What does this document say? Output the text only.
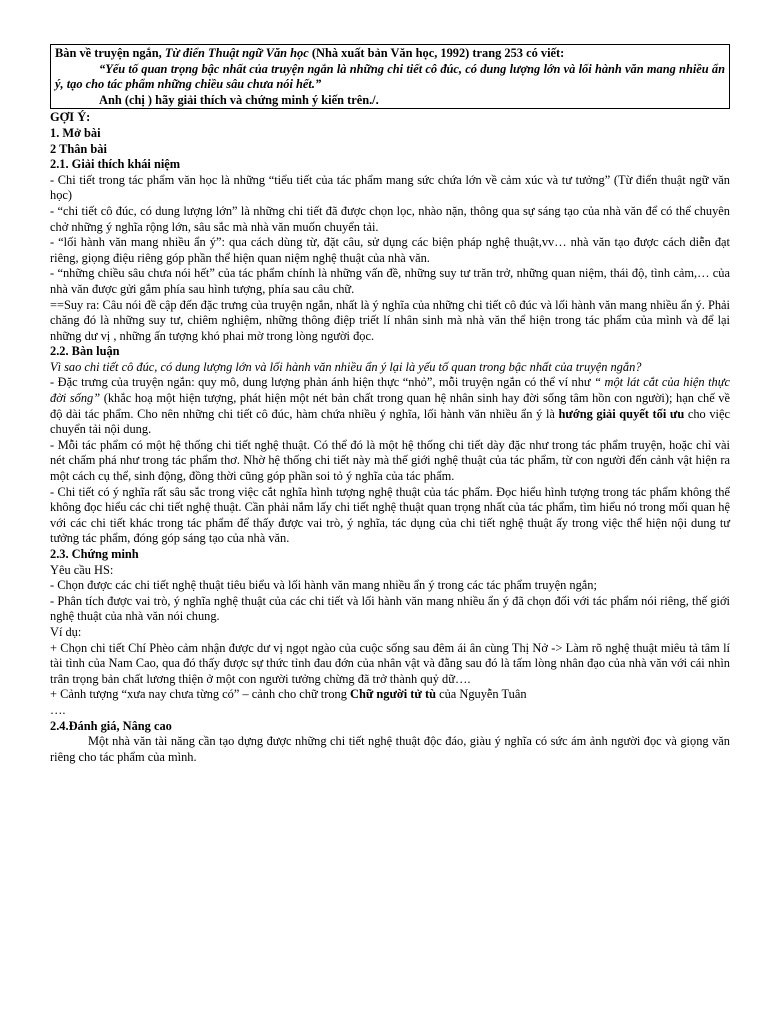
Bàn về truyện ngắn, Từ điển Thuật ngữ Văn học (Nhà xuất bản Văn học, 1992) trang 253 có viết:

“Yếu tố quan trọng bậc nhất của truyện ngắn là những chi tiết cô đúc, có dung lượng lớn và lối hành văn mang nhiều ẩn ý, tạo cho tác phẩm những chiều sâu chưa nói hết.”

Anh (chị ) hãy giải thích và chứng minh ý kiến trên./.

GỢI Ý:

1. Mở bài

2 Thân bài

2.1. Giải thích khái niệm

- Chi tiết trong tác phẩm văn học là những “tiểu tiết của tác phẩm mang sức chứa lớn về cảm xúc và tư tưởng” (Từ điển thuật ngữ văn học)

- “chi tiết cô đúc, có dung lượng lớn” là những chi tiết đã được chọn lọc, nhào nặn, thông qua sự sáng tạo của nhà văn để có thể chuyên chở những ý nghĩa rộng lớn, sâu sắc mà nhà văn muốn chuyển tải.

- “lối hành văn mang nhiều ẩn ý”: qua cách dùng từ, đặt câu, sử dụng các biện pháp nghệ thuật,vv… nhà văn tạo được cách diễn đạt riêng, giọng điệu riêng góp phần thể hiện quan niệm nghệ thuật của nhà văn.

- “những chiều sâu chưa nói hết” của tác phẩm chính là những vấn đề, những suy tư trăn trở, những quan niệm, thái độ, tình cảm,… của nhà văn được gửi gắm phía sau hình tượng, phía sau câu chữ.

==Suy ra: Câu nói đề cập đến đặc trưng của truyện ngắn, nhất là ý nghĩa của những chi tiết cô đúc và lối hành văn mang nhiều ẩn ý. Phải chăng đó là những suy tư, chiêm nghiệm, những thông điệp triết lí nhân sinh mà nhà văn thể hiện trong tác phẩm của mình và để lại những dư vị , những ấn tượng khó phai mờ trong lòng người đọc.

2.2. Bàn luận

Vì sao chi tiết cô đúc, có dung lượng lớn và lối hành văn nhiều ẩn ý lại là yếu tố quan trong bậc nhất của truyện ngắn?

- Đặc trưng của truyện ngắn: quy mô, dung lượng phản ánh hiện thực “nhỏ”, mỗi truyện ngắn có thể ví như “ một lát cắt của hiện thực đời sống” (khắc hoạ một hiện tượng, phát hiện một nét bản chất trong quan hệ nhân sinh hay đời sống tâm hồn con người); hạn chế về độ dài tác phẩm. Cho nên những chi tiết cô đúc, hàm chứa nhiều ý nghĩa, lối hành văn nhiều ẩn ý là hướng giải quyết tối ưu cho việc chuyển tải nội dung.

- Mỗi tác phẩm có một hệ thống chi tiết nghệ thuật. Có thể đó là một hệ thống chi tiết dày đặc như trong tác phẩm truyện, hoặc chỉ vài nét chấm phá như trong tác phẩm thơ. Nhờ hệ thống chi tiết này mà thế giới nghệ thuật của tác phẩm, từ con người đến cảnh vật hiện ra một cách cụ thể, sinh động, đồng thời cũng góp phần soi tỏ ý nghĩa của tác phẩm.

- Chi tiết có ý nghĩa rất sâu sắc trong việc cắt nghĩa hình tượng nghệ thuật của tác phẩm. Đọc hiểu hình tượng trong tác phẩm không thể không đọc hiểu các chi tiết nghệ thuật. Cần phải nắm lấy chi tiết nghệ thuật quan trọng nhất của tác phẩm, tìm hiểu nó trong mối quan hệ với các chi tiết khác trong tác phẩm để thấy được vai trò, ý nghĩa, tác dụng của chi tiết nghệ thuật ấy trong việc thể hiện nội dung tư tưởng tác phẩm, đóng góp sáng tạo của nhà văn.

2.3. Chứng minh

Yêu cầu HS:

- Chọn được các chi tiết nghệ thuật tiêu biểu và lối hành văn mang nhiều ẩn ý trong các tác phẩm truyện ngắn;

- Phân tích được vai trò, ý nghĩa nghệ thuật của các chi tiết và lối hành văn mang nhiều ẩn ý đã chọn đối với tác phẩm nói riêng, thế giới nghệ thuật của nhà văn nói chung.

Ví dụ:

+ Chọn chi tiết Chí Phèo cảm nhận được dư vị ngọt ngào của cuộc sống sau đêm ái ân cùng Thị Nở -> Làm rõ nghệ thuật miêu tả tâm lí tài tình của Nam Cao, qua đó thấy được sự thức tỉnh đau đớn của nhân vật và đằng sau đó là tấm lòng nhân đạo của nhà văn với cái nhìn trân trọng bản chất lương thiện ở một con người tưởng chừng đã trở thành quỷ dữ….

+ Cảnh tượng “xưa nay chưa từng có” – cảnh cho chữ trong Chữ người tử tù của Nguyễn Tuân

….

2.4.Đánh giá, Nâng cao

Một nhà văn tài năng cần tạo dựng được những chi tiết nghệ thuật độc đáo, giàu ý nghĩa có sức ám ảnh người đọc và giọng văn riêng cho tác phẩm của mình.
